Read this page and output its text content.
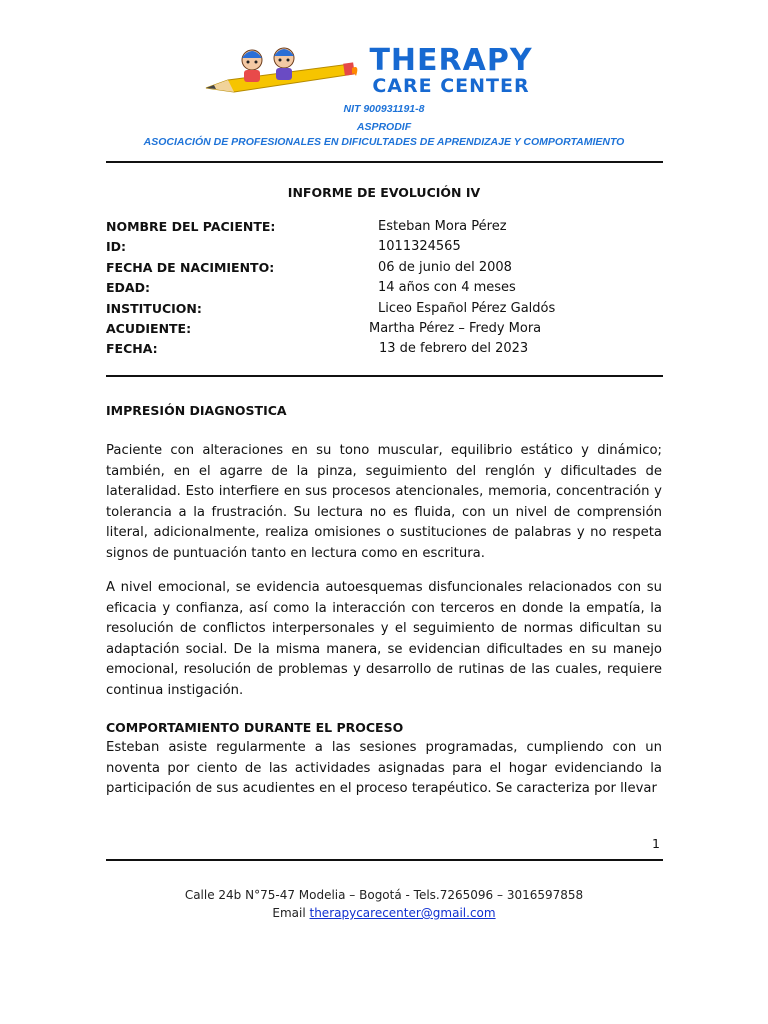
THERAPY
CARE CENTER
NIT 900931191-8
ASPRODIF
ASOCIACIÓN DE PROFESIONALES EN DIFICULTADES DE APRENDIZAJE Y COMPORTAMIENTO
INFORME DE EVOLUCIÓN IV
NOMBRE DEL PACIENTE:	Esteban Mora Pérez
ID:	1011324565
FECHA DE NACIMIENTO:	06 de junio del 2008
EDAD:	14 años con 4 meses
INSTITUCION:	Liceo Español Pérez Galdós
ACUDIENTE:	Martha Pérez – Fredy Mora
FECHA:	13 de febrero del 2023
IMPRESIÓN DIAGNOSTICA

Paciente con alteraciones en su tono muscular, equilibrio estático y dinámico; también, en el agarre de la pinza, seguimiento del renglón y dificultades de lateralidad. Esto interfiere en sus procesos atencionales, memoria, concentración y tolerancia a la frustración. Su lectura no es fluida, con un nivel de comprensión literal, adicionalmente, realiza omisiones o sustituciones de palabras y no respeta signos de puntuación tanto en lectura como en escritura.

A nivel emocional, se evidencia autoesquemas disfuncionales relacionados con su eficacia y confianza, así como la interacción con terceros en donde la empatía, la resolución de conflictos interpersonales y el seguimiento de normas dificultan su adaptación social. De la misma manera, se evidencian dificultades en su manejo emocional, resolución de problemas y desarrollo de rutinas de las cuales, requiere continua instigación.

COMPORTAMIENTO DURANTE EL PROCESO

Esteban asiste regularmente a las sesiones programadas, cumpliendo con un noventa por ciento de las actividades asignadas para el hogar evidenciando la participación de sus acudientes en el proceso terapéutico. Se caracteriza por llevar

1
Calle 24b N°75-47 Modelia – Bogotá - Tels.7265096 – 3016597858
Email therapycarecenter@gmail.com
